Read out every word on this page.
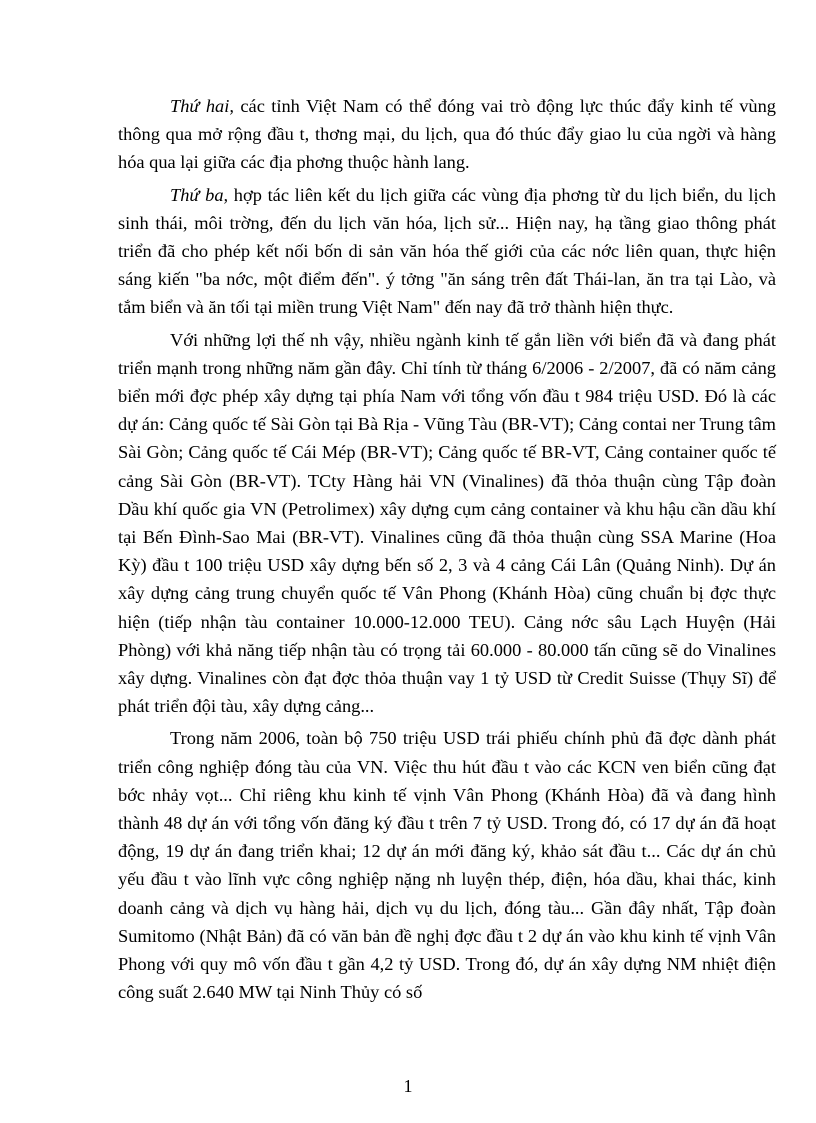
Thứ hai, các tỉnh Việt Nam có thể đóng vai trò động lực thúc đẩy kinh tế vùng thông qua mở rộng đầu t, thơng mại, du lịch, qua đó thúc đẩy giao lu của ngời và hàng hóa qua lại giữa các địa phơng thuộc hành lang.

Thứ ba, hợp tác liên kết du lịch giữa các vùng địa phơng từ du lịch biển, du lịch sinh thái, môi trờng, đến du lịch văn hóa, lịch sử... Hiện nay, hạ tầng giao thông phát triển đã cho phép kết nối bốn di sản văn hóa thế giới của các nớc liên quan, thực hiện sáng kiến "ba nớc, một điểm đến". ý tởng "ăn sáng trên đất Thái-lan, ăn tra tại Lào, và tắm biển và ăn tối tại miền trung Việt Nam" đến nay đã trở thành hiện thực.

Với những lợi thế nh vậy, nhiều ngành kinh tế gắn liền với biển đã và đang phát triển mạnh trong những năm gần đây. Chỉ tính từ tháng 6/2006 - 2/2007, đã có năm cảng biển mới đợc phép xây dựng tại phía Nam với tổng vốn đầu t 984 triệu USD. Đó là các dự án: Cảng quốc tế Sài Gòn tại Bà Rịa - Vũng Tàu (BR-VT); Cảng contai ner Trung tâm Sài Gòn; Cảng quốc tế Cái Mép (BR-VT); Cảng quốc tế BR-VT, Cảng container quốc tế cảng Sài Gòn (BR-VT). TCty Hàng hải VN (Vinalines) đã thỏa thuận cùng Tập đoàn Dầu khí quốc gia VN (Petrolimex) xây dựng cụm cảng container và khu hậu cần dầu khí tại Bến Đình-Sao Mai (BR-VT). Vinalines cũng đã thỏa thuận cùng SSA Marine (Hoa Kỳ) đầu t 100 triệu USD xây dựng bến số 2, 3 và 4 cảng Cái Lân (Quảng Ninh). Dự án xây dựng cảng trung chuyển quốc tế Vân Phong (Khánh Hòa) cũng chuẩn bị đợc thực hiện (tiếp nhận tàu container 10.000-12.000 TEU). Cảng nớc sâu Lạch Huyện (Hải Phòng) với khả năng tiếp nhận tàu có trọng tải 60.000 - 80.000 tấn cũng sẽ do Vinalines xây dựng. Vinalines còn đạt đợc thỏa thuận vay 1 tỷ USD từ Credit Suisse (Thụy Sĩ) để phát triển đội tàu, xây dựng cảng...

Trong năm 2006, toàn bộ 750 triệu USD trái phiếu chính phủ đã đợc dành phát triển công nghiệp đóng tàu của VN. Việc thu hút đầu t vào các KCN ven biển cũng đạt bớc nhảy vọt... Chỉ riêng khu kinh tế vịnh Vân Phong (Khánh Hòa) đã và đang hình thành 48 dự án với tổng vốn đăng ký đầu t trên 7 tỷ USD. Trong đó, có 17 dự án đã hoạt động, 19 dự án đang triển khai; 12 dự án mới đăng ký, khảo sát đầu t... Các dự án chủ yếu đầu t vào lĩnh vực công nghiệp nặng nh luyện thép, điện, hóa dầu, khai thác, kinh doanh cảng và dịch vụ hàng hải, dịch vụ du lịch, đóng tàu... Gần đây nhất, Tập đoàn Sumitomo (Nhật Bản) đã có văn bản đề nghị đợc đầu t 2 dự án vào khu kinh tế vịnh Vân Phong với quy mô vốn đầu t gần 4,2 tỷ USD. Trong đó, dự án xây dựng NM nhiệt điện công suất 2.640 MW tại Ninh Thủy có số

1
